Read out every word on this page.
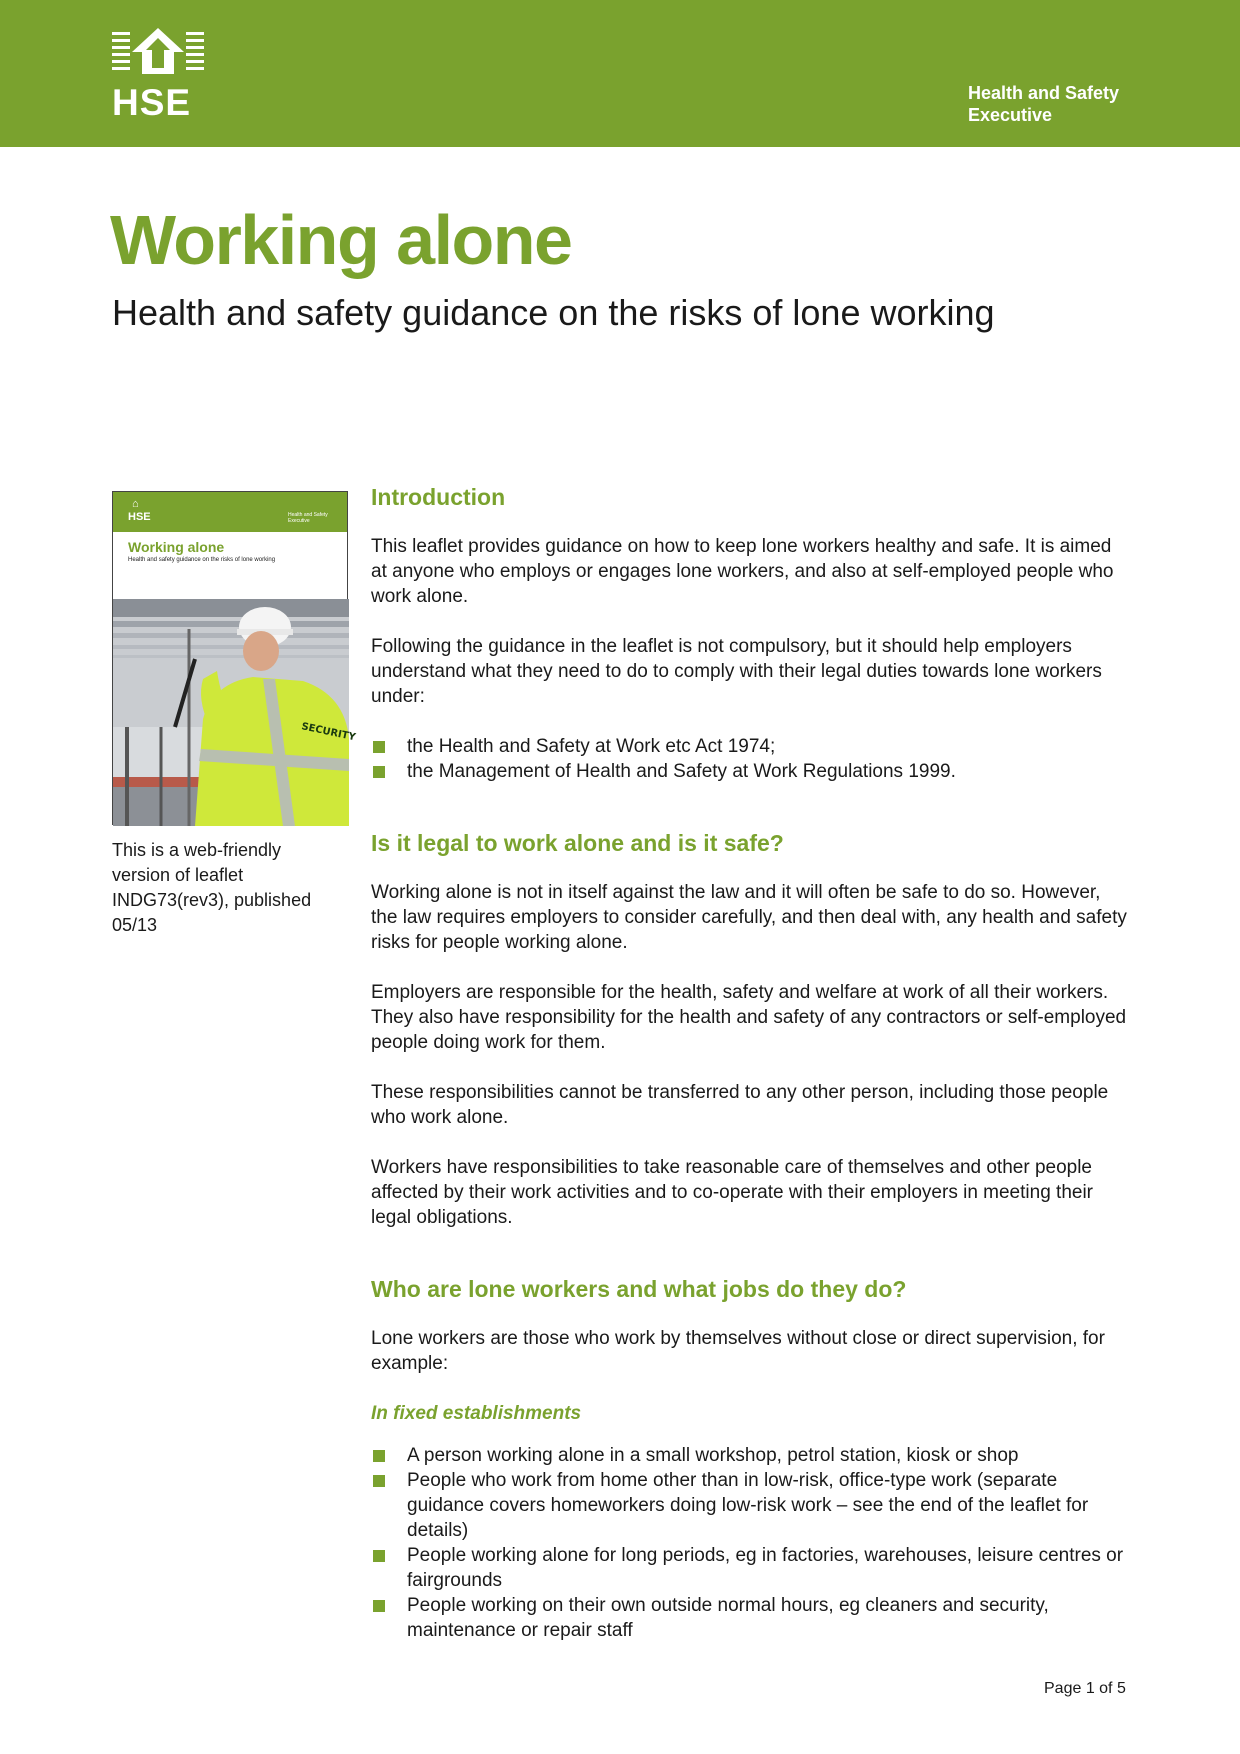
HSE	Health and Safety
Executive
Working alone

Health and safety guidance on the risks of lone working

⌂
HSE	Health and Safety Executive
Working alone
Health and safety guidance on the risks of lone working
SECURITY

This is a web-friendly version of leaflet INDG73(rev3), published 05/13

Introduction

This leaflet provides guidance on how to keep lone workers healthy and safe. It is aimed at anyone who employs or engages lone workers, and also at self-employed people who work alone.

Following the guidance in the leaflet is not compulsory, but it should help employers understand what they need to do to comply with their legal duties towards lone workers under:

the Health and Safety at Work etc Act 1974;
the Management of Health and Safety at Work Regulations 1999.
Is it legal to work alone and is it safe?

Working alone is not in itself against the law and it will often be safe to do so. However, the law requires employers to consider carefully, and then deal with, any health and safety risks for people working alone.

Employers are responsible for the health, safety and welfare at work of all their workers. They also have responsibility for the health and safety of any contractors or self-employed people doing work for them.

These responsibilities cannot be transferred to any other person, including those people who work alone.

Workers have responsibilities to take reasonable care of themselves and other people affected by their work activities and to co-operate with their employers in meeting their legal obligations.

Who are lone workers and what jobs do they do?

Lone workers are those who work by themselves without close or direct supervision, for example:

In fixed establishments
A person working alone in a small workshop, petrol station, kiosk or shop
People who work from home other than in low-risk, office-type work (separate guidance covers homeworkers doing low-risk work – see the end of the leaflet for details)
People working alone for long periods, eg in factories, warehouses, leisure centres or fairgrounds
People working on their own outside normal hours, eg cleaners and security, maintenance or repair staff
Page 1 of 5
